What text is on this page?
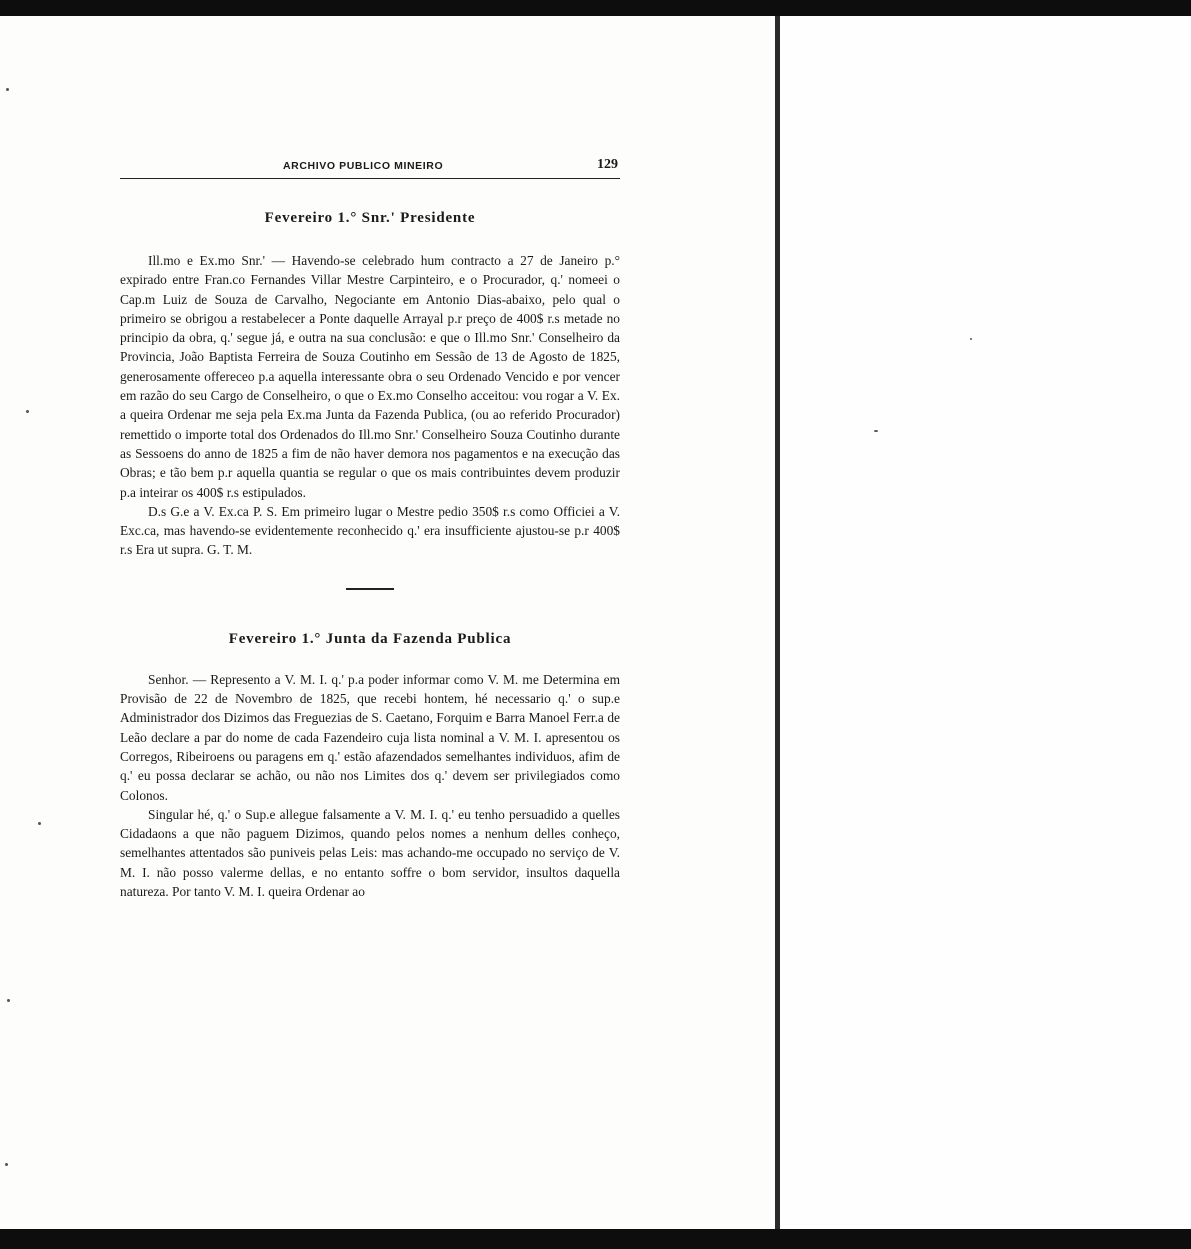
ARCHIVO PUBLICO MINEIRO	129
Fevereiro 1.° Snr.' Presidente

Ill.mo e Ex.mo Snr.' — Havendo-se celebrado hum contracto a 27 de Janeiro p.° expirado entre Fran.co Fernandes Villar Mestre Carpinteiro, e o Procurador, q.' nomeei o Cap.m Luiz de Souza de Carvalho, Negociante em Antonio Dias-abaixo, pelo qual o primeiro se obrigou a restabelecer a Ponte daquelle Arrayal p.r preço de 400$ r.s metade no principio da obra, q.' segue já, e outra na sua conclusão: e que o Ill.mo Snr.' Conselheiro da Provincia, João Baptista Ferreira de Souza Coutinho em Sessão de 13 de Agosto de 1825, generosamente offereceo p.a aquella interessante obra o seu Ordenado Vencido e por vencer em razão do seu Cargo de Conselheiro, o que o Ex.mo Conselho acceitou: vou rogar a V. Ex. a queira Ordenar me seja pela Ex.ma Junta da Fazenda Publica, (ou ao referido Procurador) remettido o importe total dos Ordenados do Ill.mo Snr.' Conselheiro Souza Coutinho durante as Sessoens do anno de 1825 a fim de não haver demora nos pagamentos e na execução das Obras; e tão bem p.r aquella quantia se regular o que os mais contribuintes devem produzir p.a inteirar os 400$ r.s estipulados.

D.s G.e a V. Ex.ca P. S. Em primeiro lugar o Mestre pedio 350$ r.s como Officiei a V. Exc.ca, mas havendo-se evidentemente reconhecido q.' era insufficiente ajustou-se p.r 400$ r.s Era ut supra. G. T. M.

Fevereiro 1.° Junta da Fazenda Publica

Senhor. — Represento a V. M. I. q.' p.a poder informar como V. M. me Determina em Provisão de 22 de Novembro de 1825, que recebi hontem, hé necessario q.' o sup.e Administrador dos Dizimos das Freguezias de S. Caetano, Forquim e Barra Manoel Ferr.a de Leão declare a par do nome de cada Fazendeiro cuja lista nominal a V. M. I. apresentou os Corregos, Ribeiroens ou paragens em q.' estão afazendados semelhantes individuos, afim de q.' eu possa declarar se achão, ou não nos Limites dos q.' devem ser privilegiados como Colonos.

Singular hé, q.' o Sup.e allegue falsamente a V. M. I. q.' eu tenho persuadido a quelles Cidadaons a que não paguem Dizimos, quando pelos nomes a nenhum delles conheço, semelhantes attentados são puniveis pelas Leis: mas achando-me occupado no serviço de V. M. I. não posso valerme dellas, e no entanto soffre o bom servidor, insultos daquella natureza. Por tanto V. M. I. queira Ordenar ao
